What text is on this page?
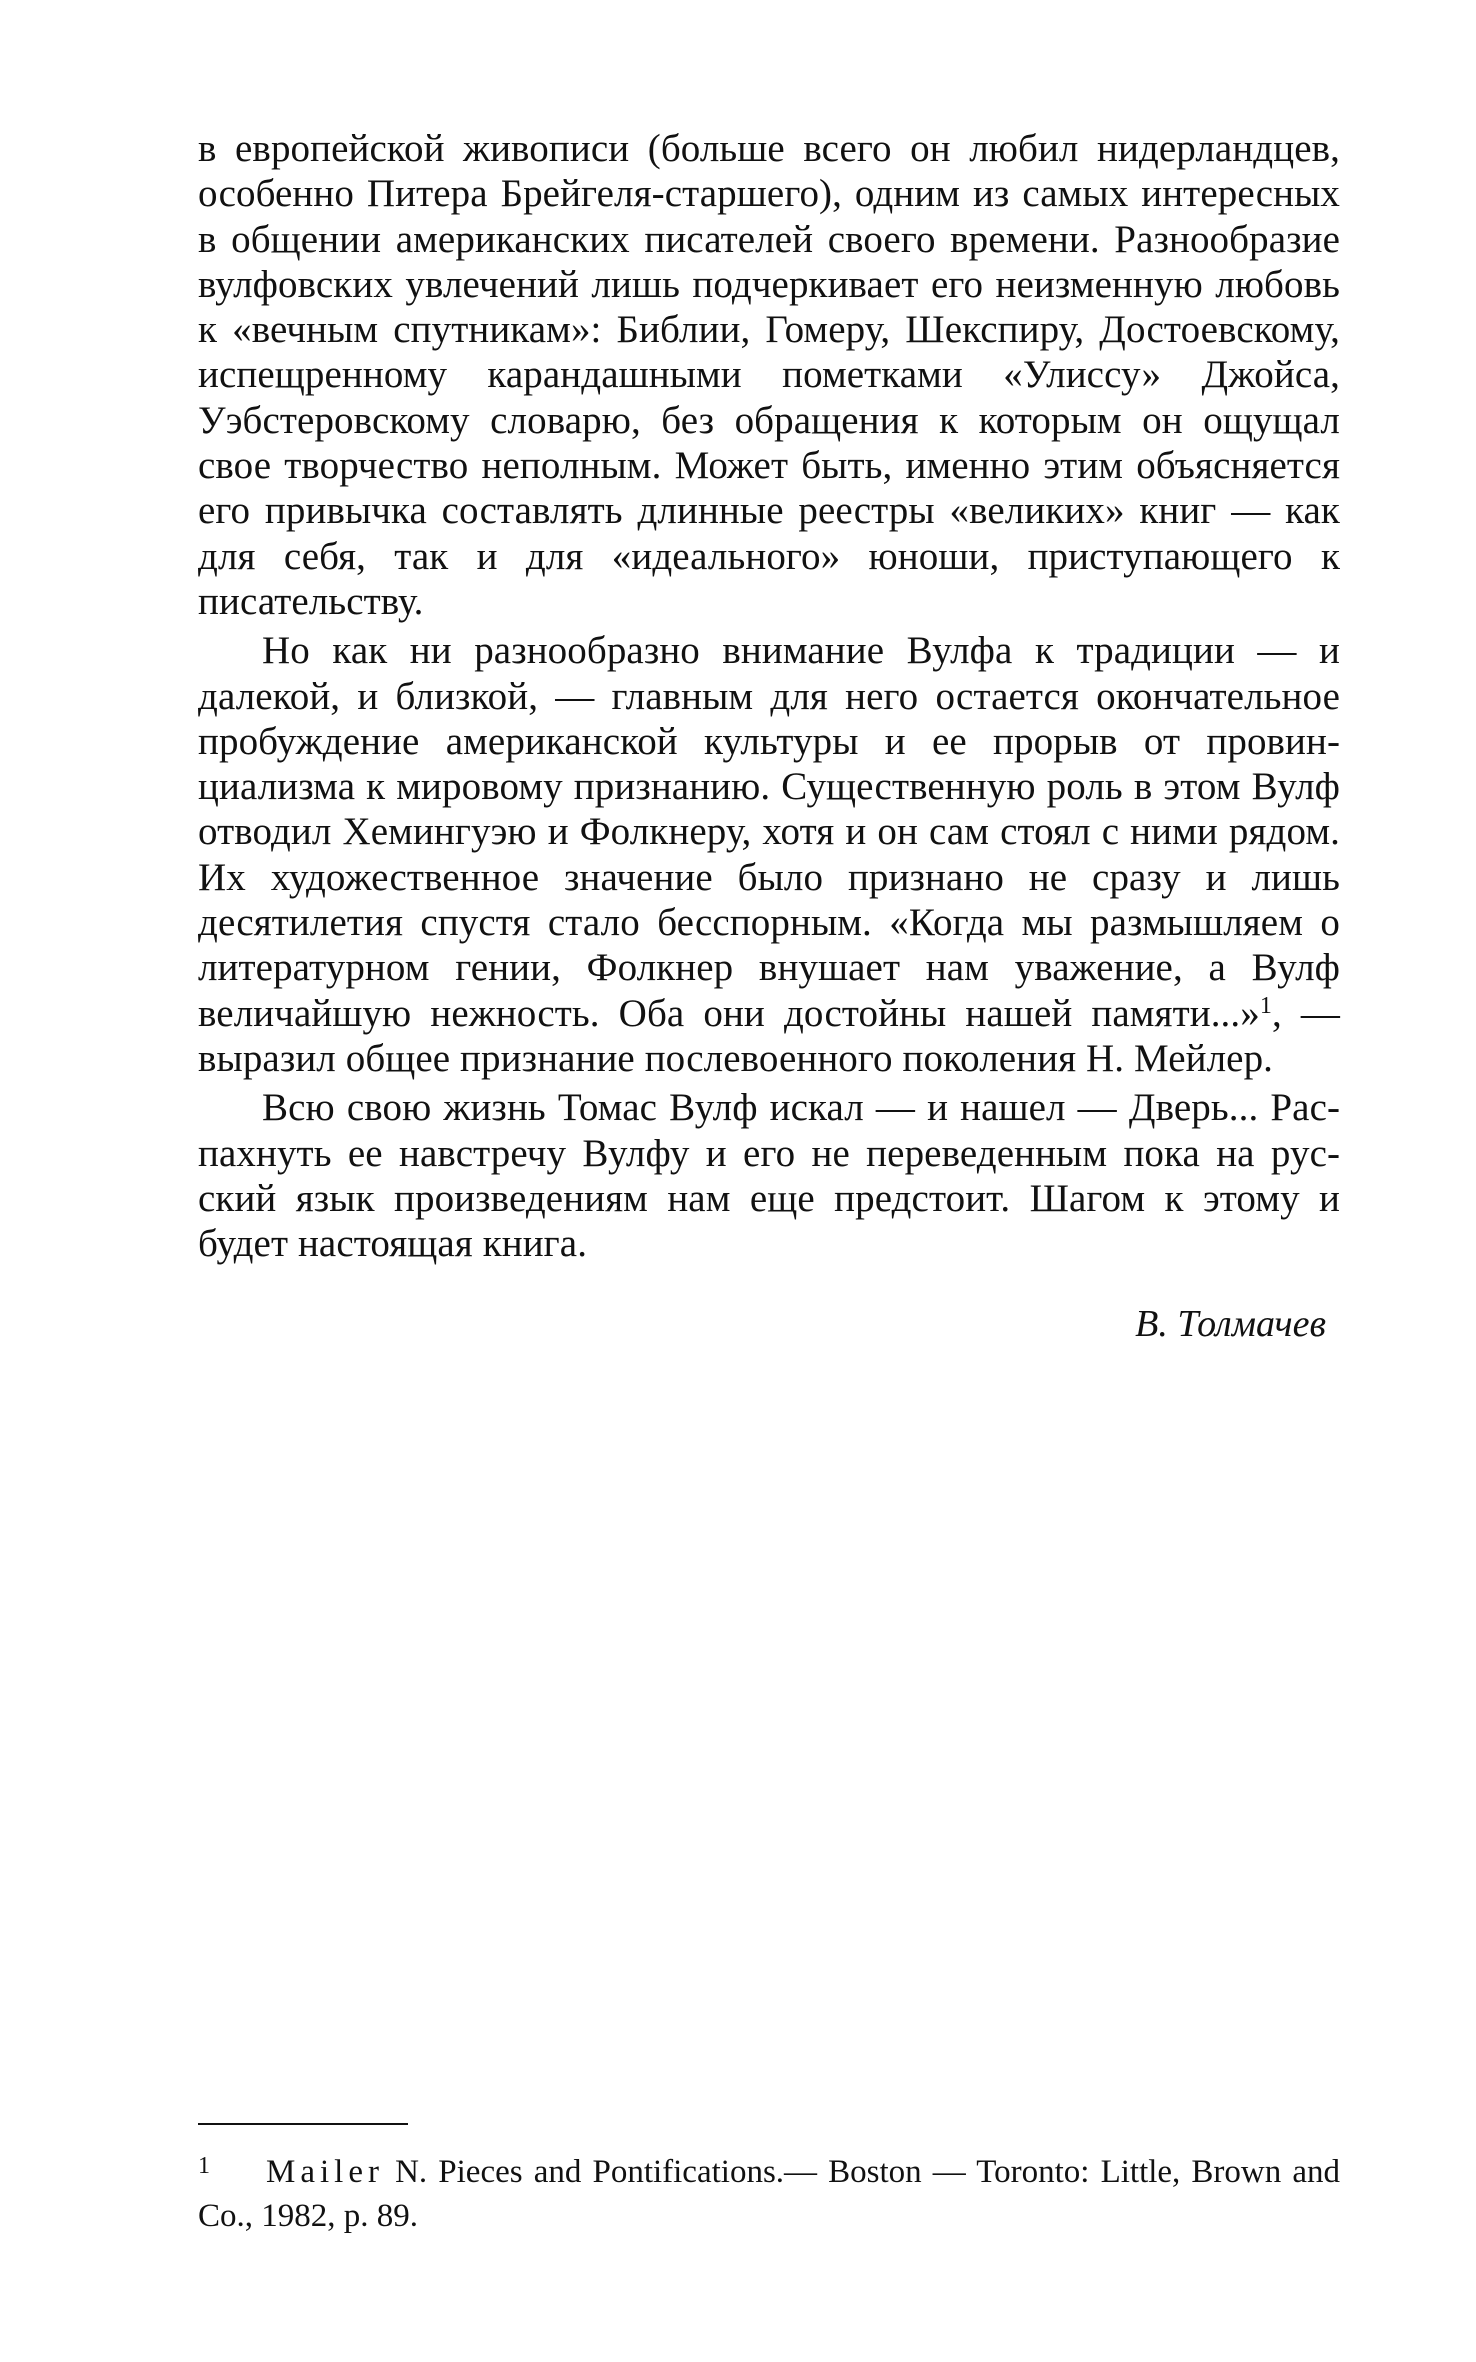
в европейской живописи (больше всего он любил нидерландцев, особенно Питера Брейгеля-старшего), одним из самых интересных в общении американских писателей своего времени. Разнообразие вулфовских увлечений лишь подчеркивает его неизменную любовь к «вечным спутникам»: Библии, Гомеру, Шекспиру, Достоевскому, испещренному карандашными пометками «Улиссу» Джойса, Уэбстеровскому словарю, без обращения к которым он ощущал свое творчество неполным. Может быть, именно этим объясняется его привычка составлять длинные реестры «великих» книг — как для себя, так и для «идеального» юноши, приступающего к писательству.

Но как ни разнообразно внимание Вулфа к традиции — и далекой, и близкой, — главным для него остается окончательное пробуждение американской культуры и ее прорыв от провинциализма к мировому признанию. Существенную роль в этом Вулф отводил Хемингуэю и Фолкнеру, хотя и он сам стоял с ними рядом. Их художественное значение было признано не сразу и лишь десятилетия спустя стало бесспорным. «Когда мы размышляем о литературном гении, Фолкнер внушает нам уважение, а Вулф величайшую нежность. Оба они достойны нашей памяти...»$^1$, — выразил общее признание послевоенного поколения Н. Мейлер.

Всю свою жизнь Томас Вулф искал — и нашел — Дверь... Распахнуть ее навстречу Вулфу и его не переведенным пока на русский язык произведениям нам еще предстоит. Шагом к этому и будет настоящая книга.

В. Толмачев

1 Mailer N. Pieces and Pontifications.— Boston — Toronto: Little, Brown and Co., 1982, p. 89.
